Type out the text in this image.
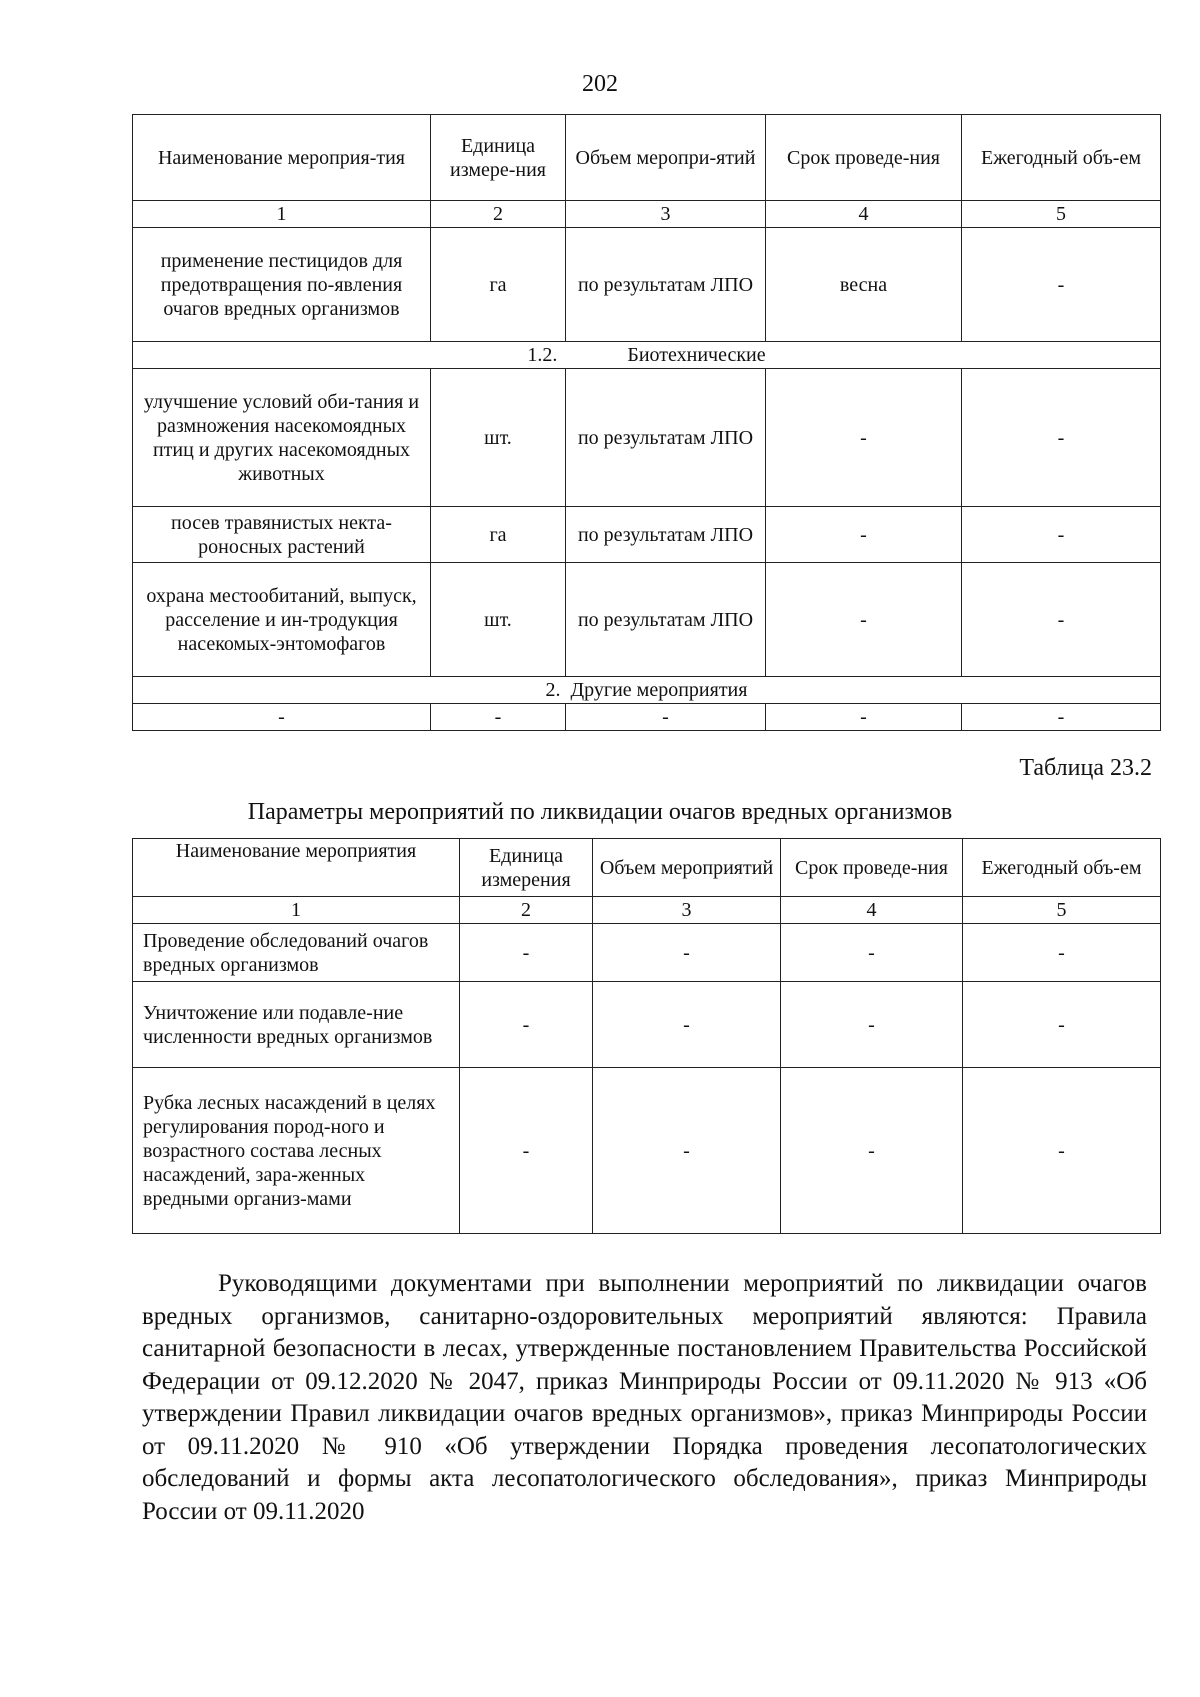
202
Наименование мероприя-тия	Единица измере-ния	Объем меропри-ятий	Срок проведе-ния	Ежегодный объ-ем
1	2	3	4	5
применение пестицидов для предотвращения по-явления очагов вредных организмов	га	по результатам ЛПО	весна	-
1.2. Биотехнические				
улучшение условий оби-тания и размножения насекомоядных птиц и других насекомоядных животных	шт.	по результатам ЛПО	-	-
посев травянистых некта-роносных растений	га	по результатам ЛПО	-	-
охрана местообитаний, выпуск, расселение и ин-тродукция насекомых-энтомофагов	шт.	по результатам ЛПО	-	-
2. Другие мероприятия				
-	-	-	-	-
Таблица 23.2
Параметры мероприятий по ликвидации очагов вредных организмов
Наименование мероприятия	Единица измерения	Объем мероприятий	Срок проведе-ния	Ежегодный объ-ем
1	2	3	4	5
Проведение обследований очагов вредных организмов	-	-	-	-
Уничтожение или подавле-ние численности вредных организмов	-	-	-	-
Рубка лесных насаждений в целях регулирования пород-ного и возрастного состава лесных насаждений, зара-женных вредными организ-мами	-	-	-	-

Руководящими документами при выполнении мероприятий по ликвидации очагов вредных организмов, санитарно-оздоровительных мероприятий являются: Правила санитарной безопасности в лесах, утвержденные постановлением Правительства Российской Федерации от 09.12.2020 № 2047, приказ Минприроды России от 09.11.2020 № 913 «Об утверждении Правил ликвидации очагов вредных организмов», приказ Минприроды России от 09.11.2020 № 910 «Об утверждении Порядка проведения лесопатологических обследований и формы акта лесопатологического обследования», приказ Минприроды России от 09.11.2020
